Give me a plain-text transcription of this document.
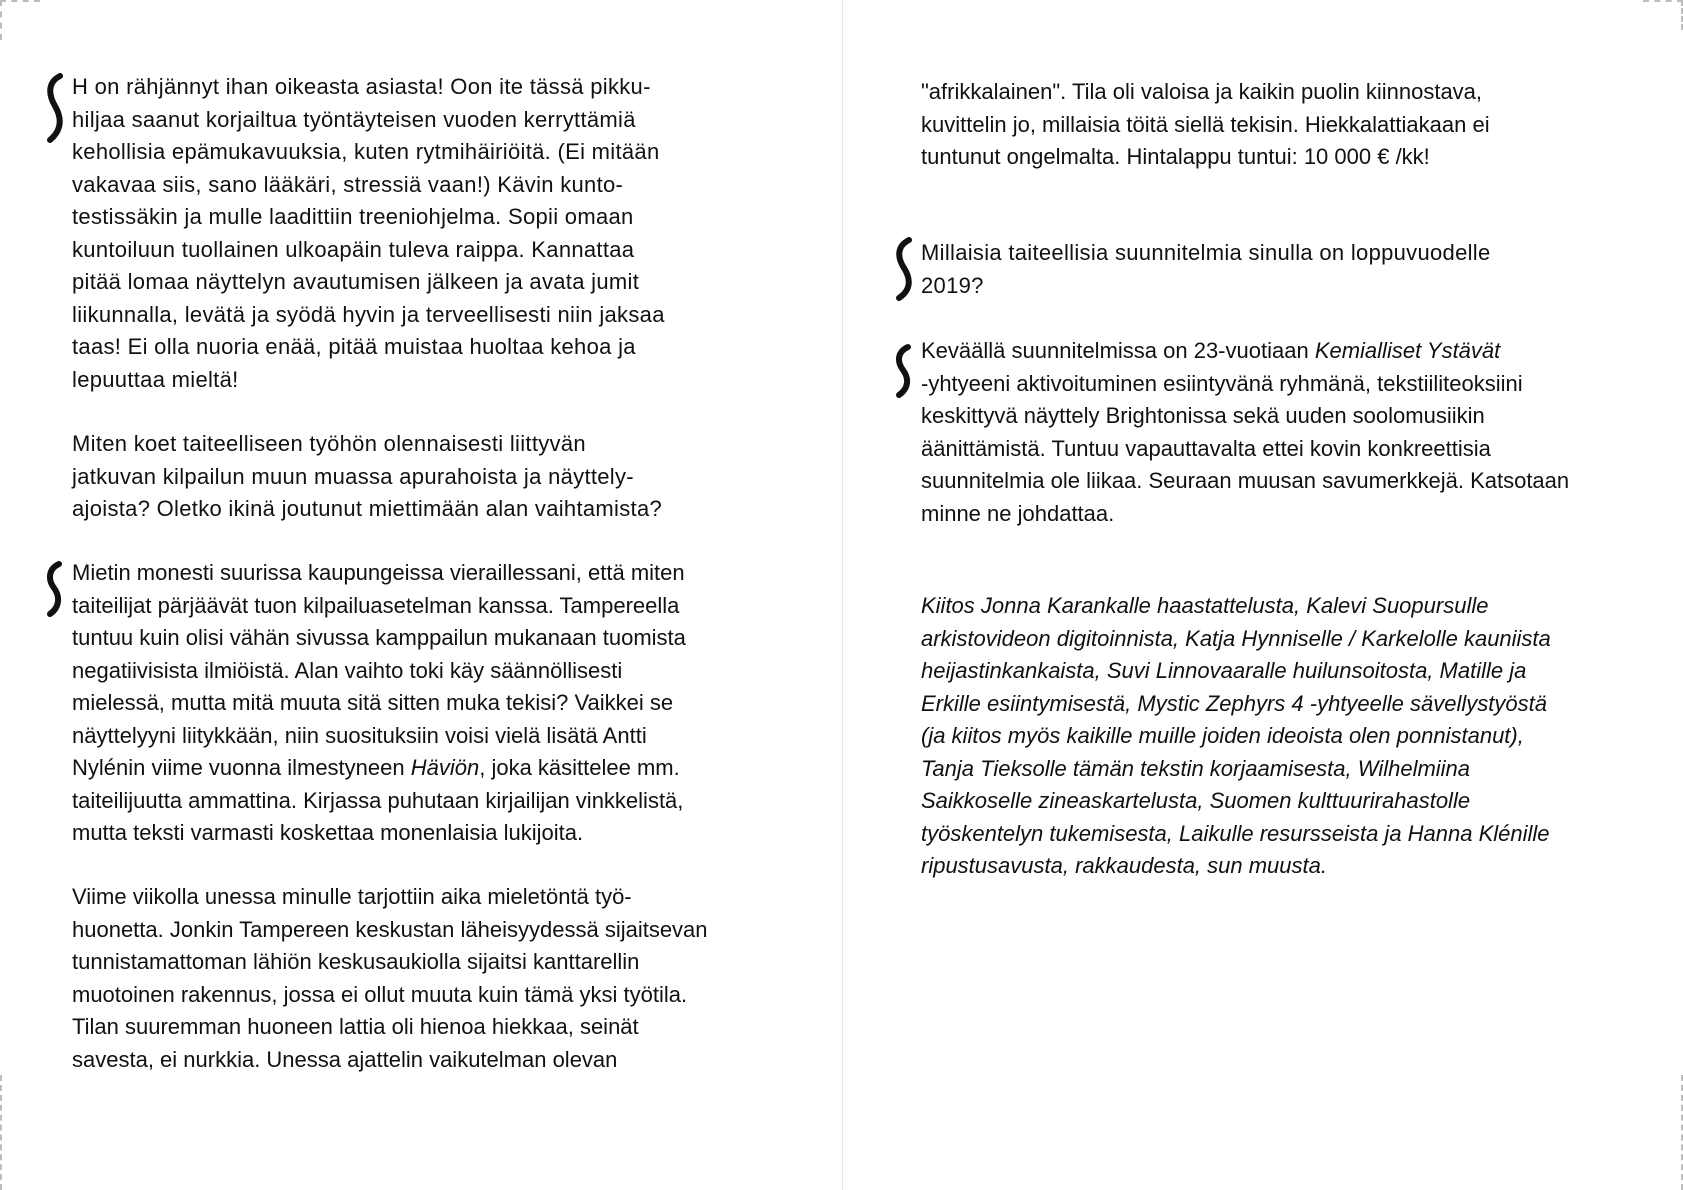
H on rähjännyt ihan oikeasta asiasta! Oon ite tässä pikku-
hiljaa saanut korjailtua työntäyteisen vuoden kerryttämiä
kehollisia epämukavuuksia, kuten rytmihäiriöitä. (Ei mitään
vakavaa siis, sano lääkäri, stressiä vaan!) Kävin kunto-
testissäkin ja mulle laadittiin treeniohjelma. Sopii omaan
kuntoiluun tuollainen ulkoapäin tuleva raippa. Kannattaa
pitää lomaa näyttelyn avautumisen jälkeen ja avata jumit
liikunnalla, levätä ja syödä hyvin ja terveellisesti niin jaksaa
taas! Ei olla nuoria enää, pitää muistaa huoltaa kehoa ja
lepuuttaa mieltä!

Miten koet taiteelliseen työhön olennaisesti liittyvän
jatkuvan kilpailun muun muassa apurahoista ja näyttely-
ajoista? Oletko ikinä joutunut miettimään alan vaihtamista?

Mietin monesti suurissa kaupungeissa vieraillessani, että miten
taiteilijat pärjäävät tuon kilpailuasetelman kanssa. Tampereella
tuntuu kuin olisi vähän sivussa kamppailun mukanaan tuomista
negatiivisista ilmiöistä. Alan vaihto toki käy säännöllisesti
mielessä, mutta mitä muuta sitä sitten muka tekisi? Vaikkei se
näyttelyyni liitykkään, niin suosituksiin voisi vielä lisätä Antti
Nylénin viime vuonna ilmestyneen Häviön, joka käsittelee mm.
taiteilijuutta ammattina. Kirjassa puhutaan kirjailijan vinkkelistä,
mutta teksti varmasti koskettaa monenlaisia lukijoita.

Viime viikolla unessa minulle tarjottiin aika mieletöntä työ-
huonetta. Jonkin Tampereen keskustan läheisyydessä sijaitsevan
tunnistamattoman lähiön keskusaukiolla sijaitsi kanttarellin
muotoinen rakennus, jossa ei ollut muuta kuin tämä yksi työtila.
Tilan suuremman huoneen lattia oli hienoa hiekkaa, seinät
savesta, ei nurkkia. Unessa ajattelin vaikutelman olevan

"afrikkalainen". Tila oli valoisa ja kaikin puolin kiinnostava,
kuvittelin jo, millaisia töitä siellä tekisin. Hiekkalattiakaan ei
tuntunut ongelmalta. Hintalappu tuntui: 10 000 € /kk!

Millaisia taiteellisia suunnitelmia sinulla on loppuvuodelle
2019?

Keväällä suunnitelmissa on 23-vuotiaan Kemialliset Ystävät
-yhtyeeni aktivoituminen esiintyvänä ryhmänä, tekstiiliteoksiini
keskittyvä näyttely Brightonissa sekä uuden soolomusiikin
äänittämistä. Tuntuu vapauttavalta ettei kovin konkreettisia
suunnitelmia ole liikaa. Seuraan muusan savumerkkejä. Katsotaan
minne ne johdattaa.

Kiitos Jonna Karankalle haastattelusta, Kalevi Suopursulle
arkistovideon digitoinnista, Katja Hynniselle / Karkelolle kauniista
heijastinkankaista, Suvi Linnovaaralle huilunsoitosta, Matille ja
Erkille esiintymisestä, Mystic Zephyrs 4 -yhtyeelle sävellystyöstä
(ja kiitos myös kaikille muille joiden ideoista olen ponnistanut),
Tanja Tieksolle tämän tekstin korjaamisesta, Wilhelmiina
Saikkoselle zineaskartelusta, Suomen kulttuurirahastolle
työskentelyn tukemisesta, Laikulle resursseista ja Hanna Klénille
ripustusavusta, rakkaudesta, sun muusta.
